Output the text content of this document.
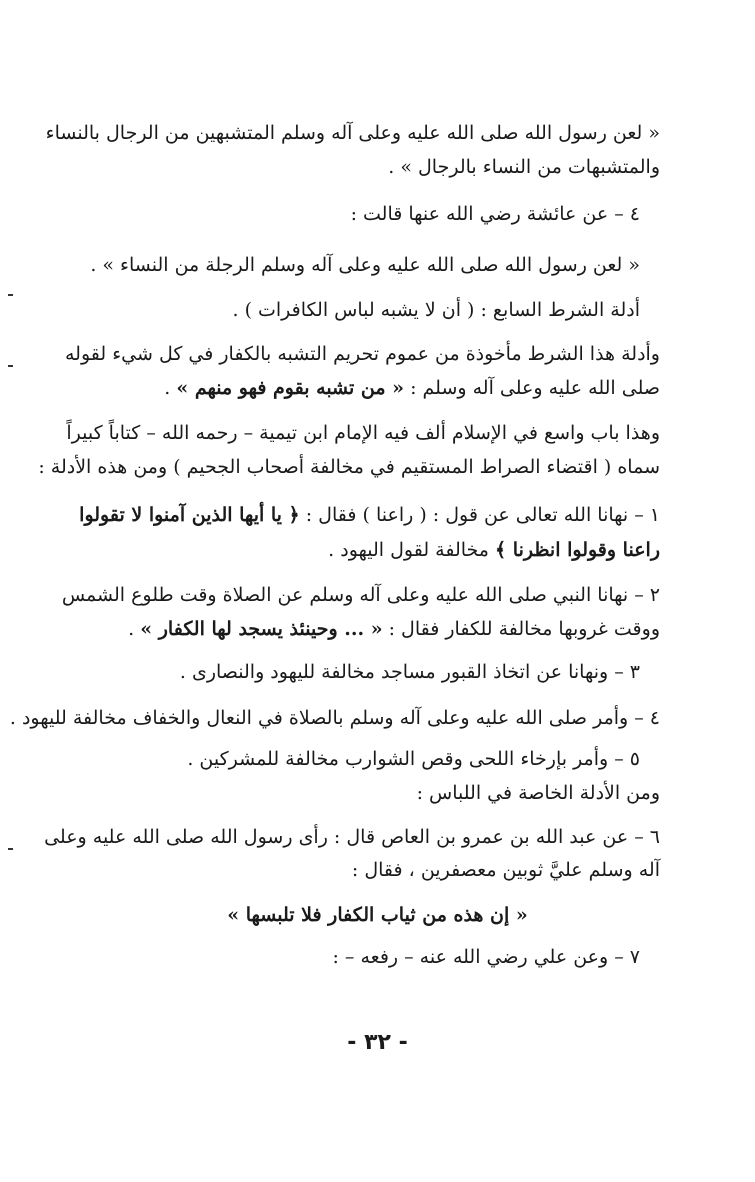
« لعن رسول الله صلى الله عليه وعلى آله وسلم المتشبهين من الرجال بالنساء
والمتشبهات من النساء بالرجال » .
٤ – عن عائشة رضي الله عنها قالت :
« لعن رسول الله صلى الله عليه وعلى آله وسلم الرجلة من النساء » .
أدلة الشرط السابع : ( أن لا يشبه لباس الكافرات ) .
وأدلة هذا الشرط مأخوذة من عموم تحريم التشبه بالكفار في كل شيء لقوله
صلى الله عليه وعلى آله وسلم : « من تشبه بقوم فهو منهم » .
وهذا باب واسع في الإسلام ألف فيه الإمام ابن تيمية – رحمه الله – كتاباً كبيراً
سماه ( اقتضاء الصراط المستقيم في مخالفة أصحاب الجحيم ) ومن هذه الأدلة :
١ – نهانا الله تعالى عن قول : ( راعنا ) فقال : ﴿ يا أيها الذين آمنوا لا تقولوا
راعنا وقولوا انظرنا ﴾ مخالفة لقول اليهود .
٢ – نهانا النبي صلى الله عليه وعلى آله وسلم عن الصلاة وقت طلوع الشمس
ووقت غروبها مخالفة للكفار فقال : « ... وحينئذ يسجد لها الكفار » .
٣ – ونهانا عن اتخاذ القبور مساجد مخالفة لليهود والنصارى .
٤ – وأمر صلى الله عليه وعلى آله وسلم بالصلاة في النعال والخفاف مخالفة لليهود .
٥ – وأمر بإرخاء اللحى وقص الشوارب مخالفة للمشركين .
ومن الأدلة الخاصة في اللباس :
٦ – عن عبد الله بن عمرو بن العاص قال : رأى رسول الله صلى الله عليه وعلى
آله وسلم عليَّ ثوبين معصفرين ، فقال :
« إن هذه من ثياب الكفار فلا تلبسها »
٧ – وعن علي رضي الله عنه – رفعه – :
- ٣٢ -
